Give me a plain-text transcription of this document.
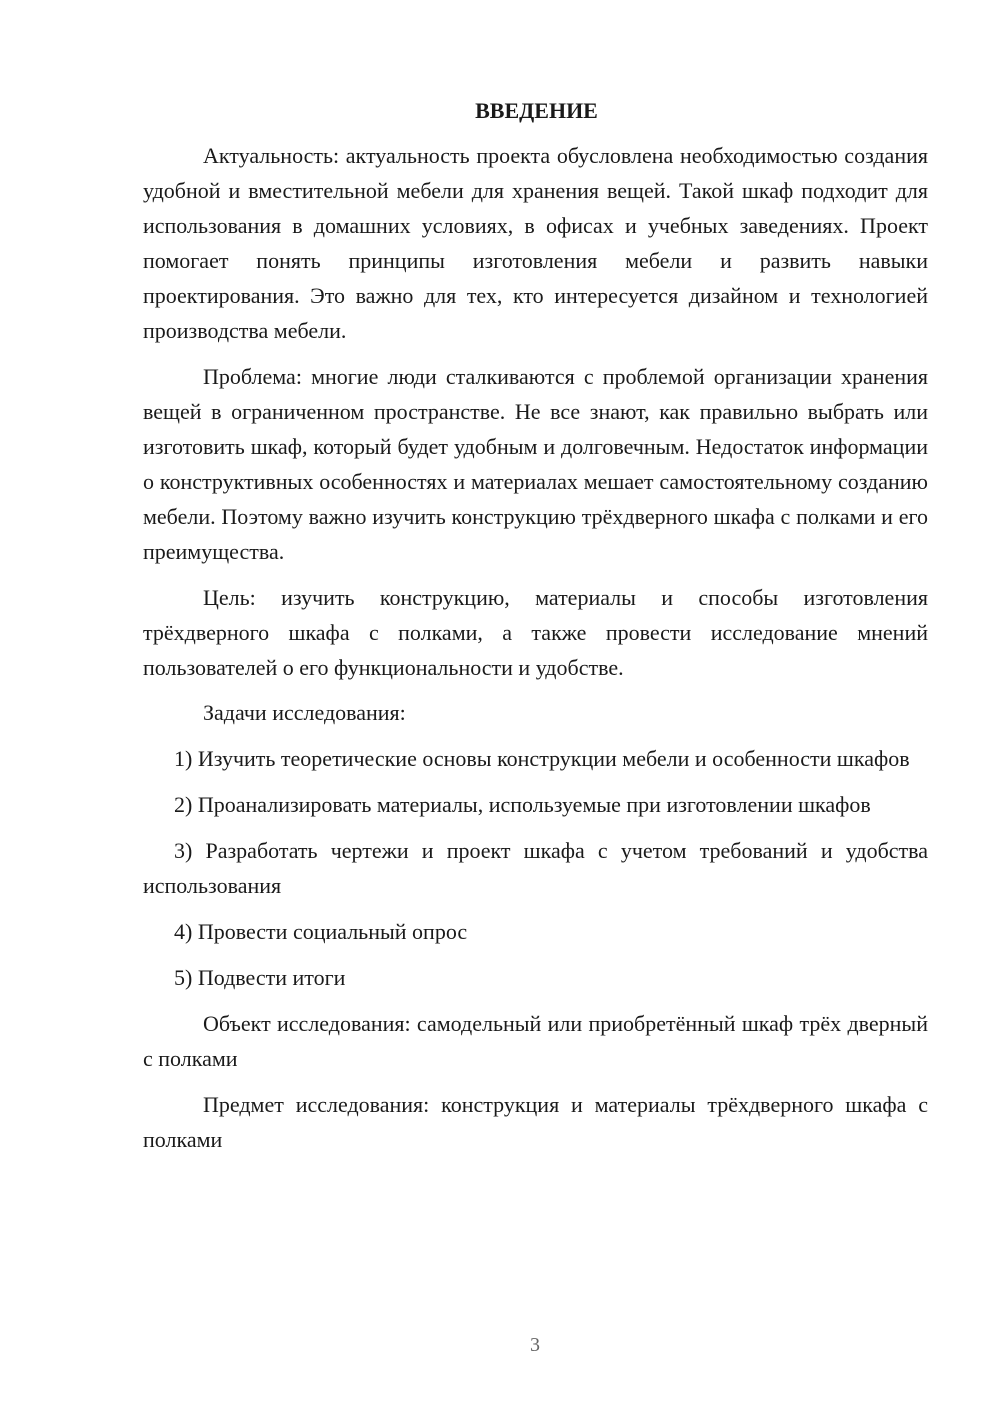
ВВЕДЕНИЕ

Актуальность: актуальность проекта обусловлена необходимостью создания удобной и вместительной мебели для хранения вещей. Такой шкаф подходит для использования в домашних условиях, в офисах и учебных заведениях. Проект помогает понять принципы изготовления мебели и развить навыки проектирования. Это важно для тех, кто интересуется дизайном и технологией производства мебели.

Проблема: многие люди сталкиваются с проблемой организации хранения вещей в ограниченном пространстве. Не все знают, как правильно выбрать или изготовить шкаф, который будет удобным и долговечным. Недостаток информации о конструктивных особенностях и материалах мешает самостоятельному созданию мебели. Поэтому важно изучить конструкцию трёхдверного шкафа с полками и его преимущества.

Цель: изучить конструкцию, материалы и способы изготовления трёхдверного шкафа с полками, а также провести исследование мнений пользователей о его функциональности и удобстве.

Задачи исследования:

1) Изучить теоретические основы конструкции мебели и особенности шкафов

2) Проанализировать материалы, используемые при изготовлении шкафов

3) Разработать чертежи и проект шкафа с учетом требований и удобства использования

4) Провести социальный опрос

5) Подвести итоги

Объект исследования: самодельный или приобретённый шкаф трёх дверный с полками

Предмет исследования: конструкция и материалы трёхдверного шкафа с полками

3
